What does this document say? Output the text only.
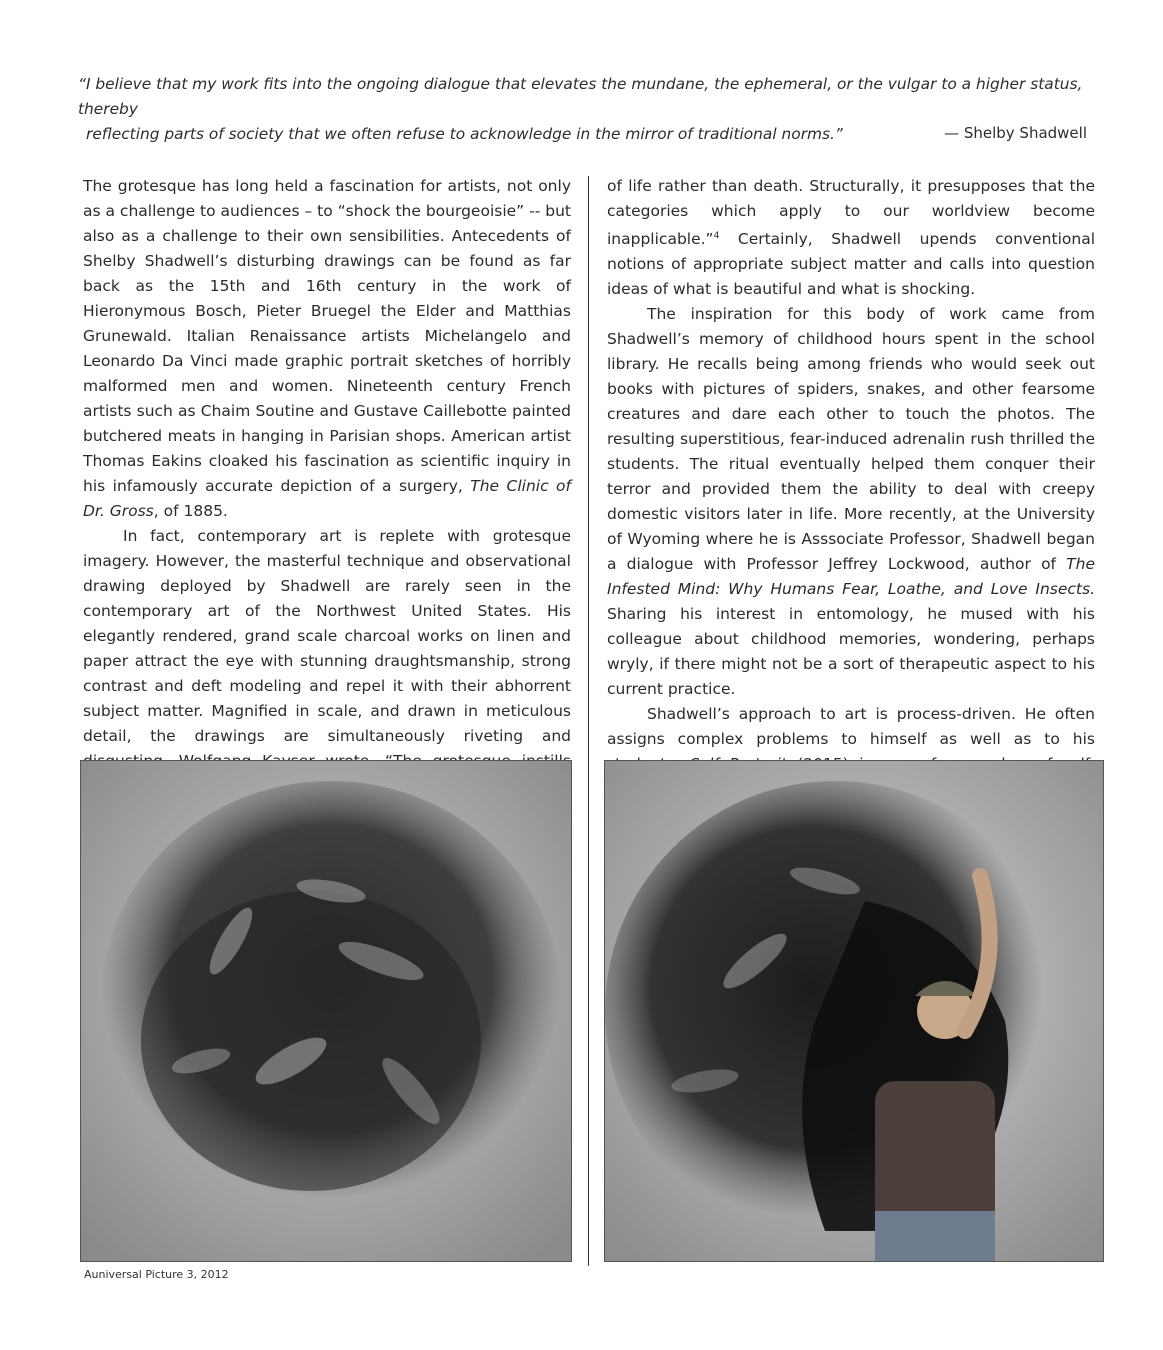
“I believe that my work fits into the ongoing dialogue that elevates the mundane, the ephemeral, or the vulgar to a higher status, thereby

reflecting parts of society that we often refuse to acknowledge in the mirror of traditional norms.”	— Shelby Shadwell

The grotesque has long held a fascination for artists, not only as a challenge to audiences – to “shock the bourgeoisie” -- but also as a challenge to their own sensibilities. Antecedents of Shelby Shadwell’s disturbing drawings can be found as far back as the 15th and 16th century in the work of Hieronymous Bosch, Pieter Bruegel the Elder and Matthias Grunewald. Italian Renaissance artists Michelangelo and Leonardo Da Vinci made graphic portrait sketches of horribly malformed men and women. Nineteenth century French artists such as Chaim Soutine and Gustave Caillebotte painted butchered meats in hanging in Parisian shops. American artist Thomas Eakins cloaked his fascination as scientific inquiry in his infamously accurate depiction of a surgery, The Clinic of Dr. Gross, of 1885.

In fact, contemporary art is replete with grotesque imagery. However, the masterful technique and observational drawing deployed by Shadwell are rarely seen in the contemporary art of the Northwest United States. His elegantly rendered, grand scale charcoal works on linen and paper attract the eye with stunning draughtsmanship, strong contrast and deft modeling and repel it with their abhorrent subject matter. Magnified in scale, and drawn in meticulous detail, the drawings are simultaneously riveting and

of life rather than death. Structurally, it presupposes that the categories which apply to our worldview become inapplicable.”$^4$ Certainly, Shadwell upends conventional notions of appropriate subject matter and calls into question ideas of what is beautiful and what is shocking.

The inspiration for this body of work came from Shadwell’s memory of childhood hours spent in the school library. He recalls being among friends who would seek out books with pictures of spiders, snakes, and other fearsome creatures and dare each other to touch the photos. The resulting superstitious, fear-induced adrenalin rush thrilled the students. The ritual eventually helped them conquer their terror and provided them the ability to deal with creepy domestic visitors later in life. More recently, at the University of Wyoming where he is Asssociate Professor, Shadwell began a dialogue with Professor Jeffrey Lockwood, author of The Infested Mind: Why Humans Fear, Loathe, and Love Insects. Sharing his interest in entomology, he mused with his colleague about childhood memories, wondering, perhaps wryly, if there might not be a sort of therapeutic aspect to his current practice.

Shadwell’s approach to art is process-driven. He often assigns complex problems to himself as well as to his

Auniversal Picture 3, 2012
